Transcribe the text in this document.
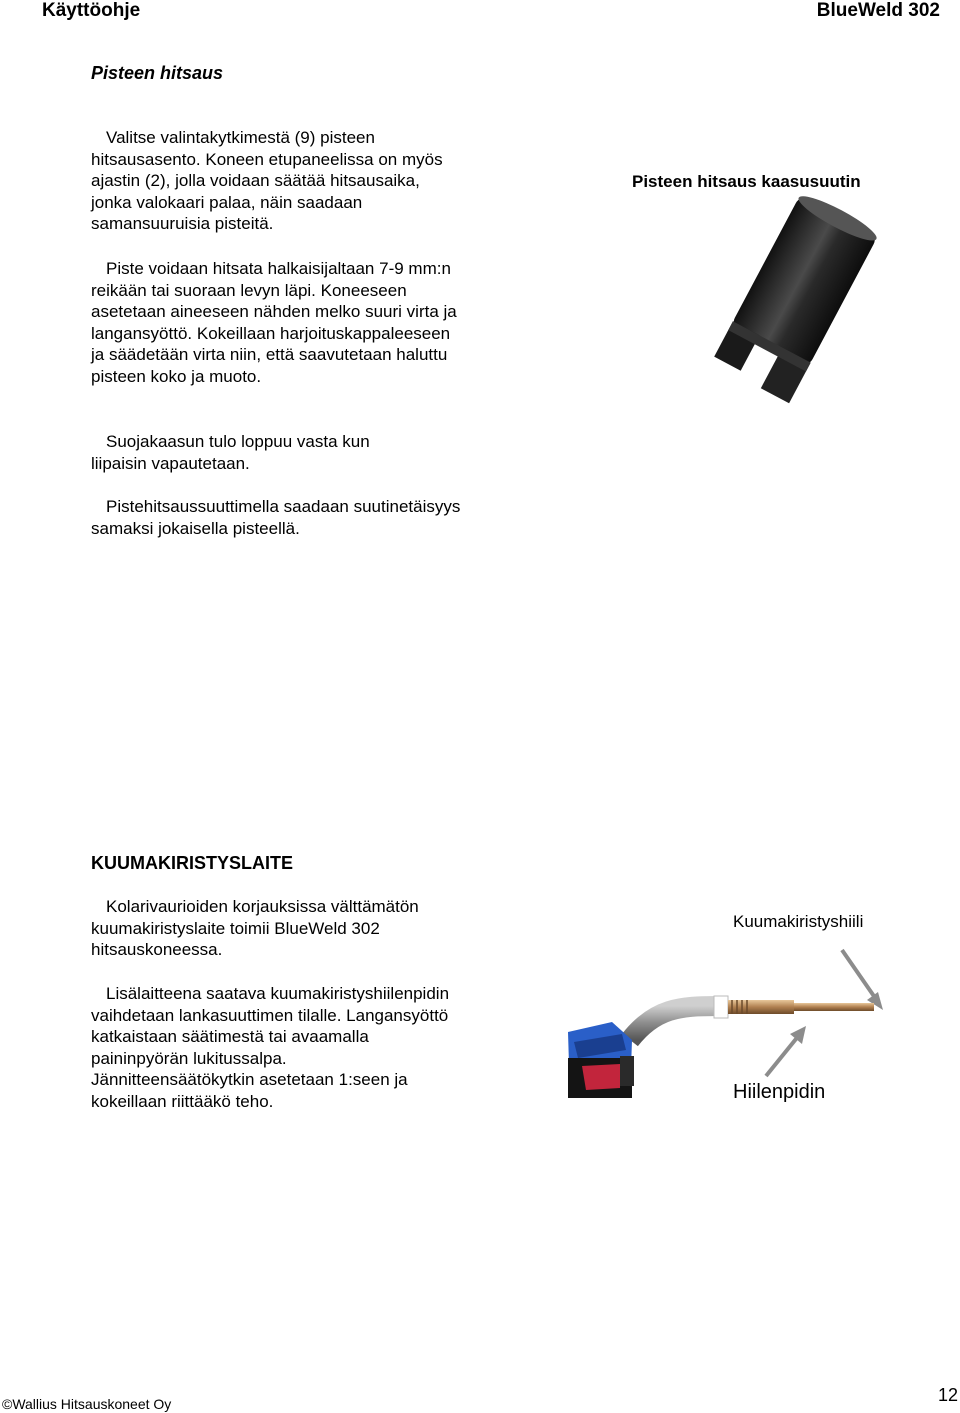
Käyttöohje	BlueWeld 302
Pisteen hitsaus
Valitse valintakytkimestä (9) pisteen hitsausasento. Koneen etupaneelissa on myös ajastin (2), jolla voidaan säätää hitsausaika, jonka valokaari palaa, näin saadaan samansuuruisia pisteitä.
Piste voidaan hitsata halkaisijaltaan 7-9 mm:n reikään tai suoraan levyn läpi. Koneeseen asetetaan aineeseen nähden melko suuri virta ja langansyöttö. Kokeillaan harjoituskappaleeseen ja säädetään virta niin, että saavutetaan haluttu pisteen koko ja muoto.
Suojakaasun tulo loppuu vasta kun liipaisin vapautetaan.
Pistehitsaussuuttimella saadaan suutinetäisyys samaksi jokaisella pisteellä.
Pisteen hitsaus kaasusuutin
KUUMAKIRISTYSLAITE
Kolarivaurioiden korjauksissa välttämätön kuumakiristyslaite toimii BlueWeld 302 hitsauskoneessa.
Lisälaitteena saatava kuumakiristyshiilenpidin vaihdetaan lankasuuttimen tilalle. Langansyöttö katkaistaan säätimestä tai avaamalla paininpyörän lukitussalpa. Jännitteensäätökytkin asetetaan 1:seen ja kokeillaan riittääkö teho.
Kuumakiristyshiili
Hiilenpidin
©Wallius Hitsauskoneet Oy	12
